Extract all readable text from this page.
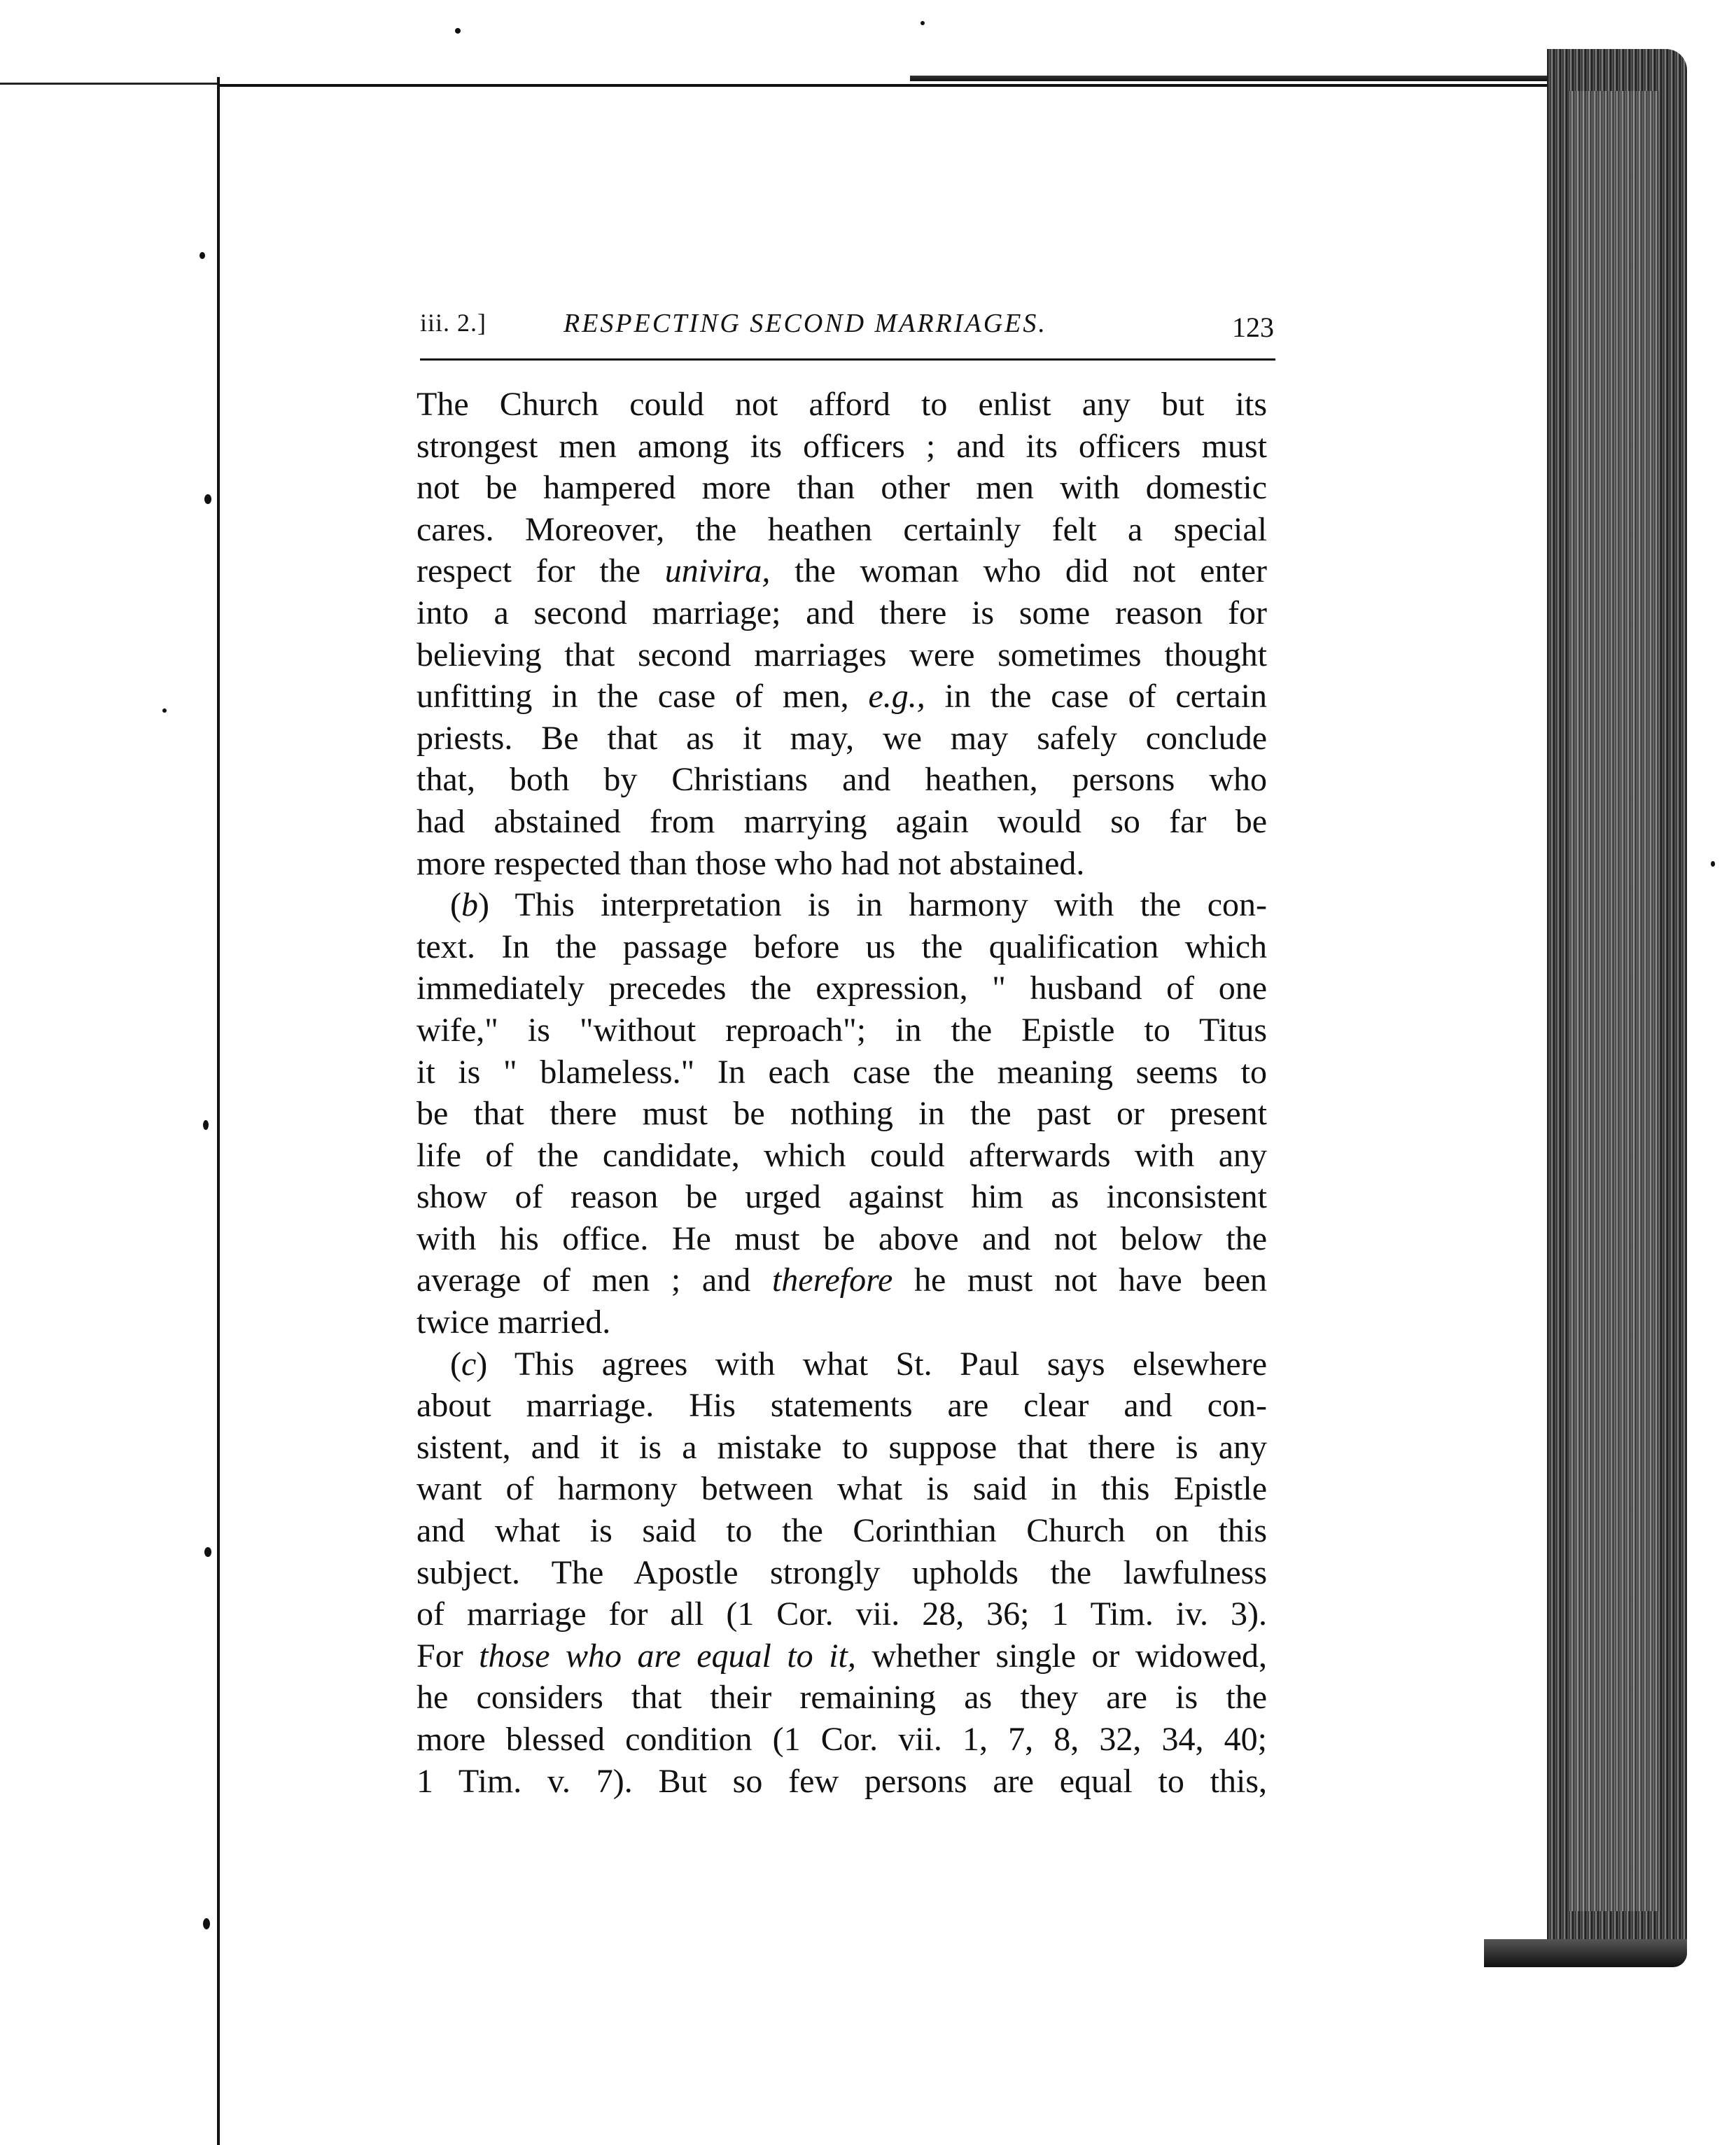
iii. 2.]	RESPECTING SECOND MARRIAGES.	123
The Church could not afford to enlist any but its
strongest men among its officers ; and its officers must
not be hampered more than other men with domestic
cares. Moreover, the heathen certainly felt a special
respect for the univira, the woman who did not enter
into a second marriage; and there is some reason for
believing that second marriages were sometimes thought
unfitting in the case of men, e.g., in the case of certain
priests. Be that as it may, we may safely conclude
that, both by Christians and heathen, persons who
had abstained from marrying again would so far be
more respected than those who had not abstained.
(b) This interpretation is in harmony with the con-
text. In the passage before us the qualification which
immediately precedes the expression, " husband of one
wife," is "without reproach"; in the Epistle to Titus
it is " blameless." In each case the meaning seems to
be that there must be nothing in the past or present
life of the candidate, which could afterwards with any
show of reason be urged against him as inconsistent
with his office. He must be above and not below the
average of men ; and therefore he must not have been
twice married.
(c) This agrees with what St. Paul says elsewhere
about marriage. His statements are clear and con-
sistent, and it is a mistake to suppose that there is any
want of harmony between what is said in this Epistle
and what is said to the Corinthian Church on this
subject. The Apostle strongly upholds the lawfulness
of marriage for all (1 Cor. vii. 28, 36; 1 Tim. iv. 3).
For those who are equal to it, whether single or widowed,
he considers that their remaining as they are is the
more blessed condition (1 Cor. vii. 1, 7, 8, 32, 34, 40;
1 Tim. v. 7). But so few persons are equal to this,
